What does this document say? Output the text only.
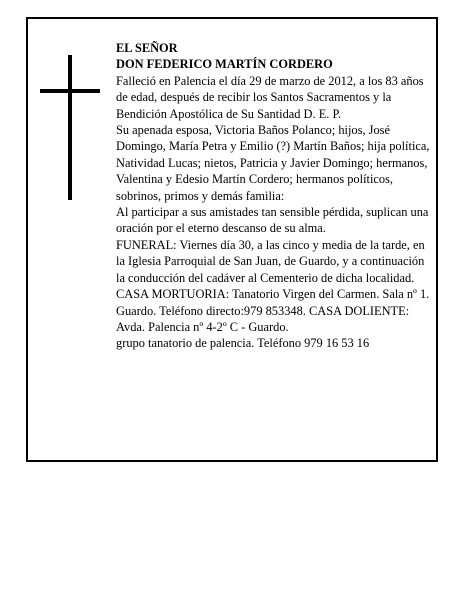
EL SEÑOR

DON FEDERICO MARTÍN CORDERO

Falleció en Palencia el día 29 de marzo de 2012, a los 83 años de edad, después de recibir los Santos Sacramentos y la Bendición Apostólica de Su Santidad D. E. P.

Su apenada esposa, Victoria Baños Polanco; hijos, José Domingo, María Petra y Emilio (?) Martín Baños; hija política, Natividad Lucas; nietos, Patricia y Javier Domingo; hermanos, Valentina y Edesio Martín Cordero; hermanos políticos, sobrinos, primos y demás familia:

Al participar a sus amistades tan sensible pérdida, suplican una oración por el eterno descanso de su alma.

FUNERAL: Viernes día 30, a las cinco y media de la tarde, en la Iglesia Parroquial de San Juan, de Guardo, y a continuación la conducción del cadáver al Cementerio de dicha localidad.

CASA MORTUORIA: Tanatorio Virgen del Carmen. Sala nº 1. Guardo. Teléfono directo:979 853348. CASA DOLIENTE: Avda. Palencia nº 4-2º C - Guardo.

grupo tanatorio de palencia. Teléfono 979 16 53 16
